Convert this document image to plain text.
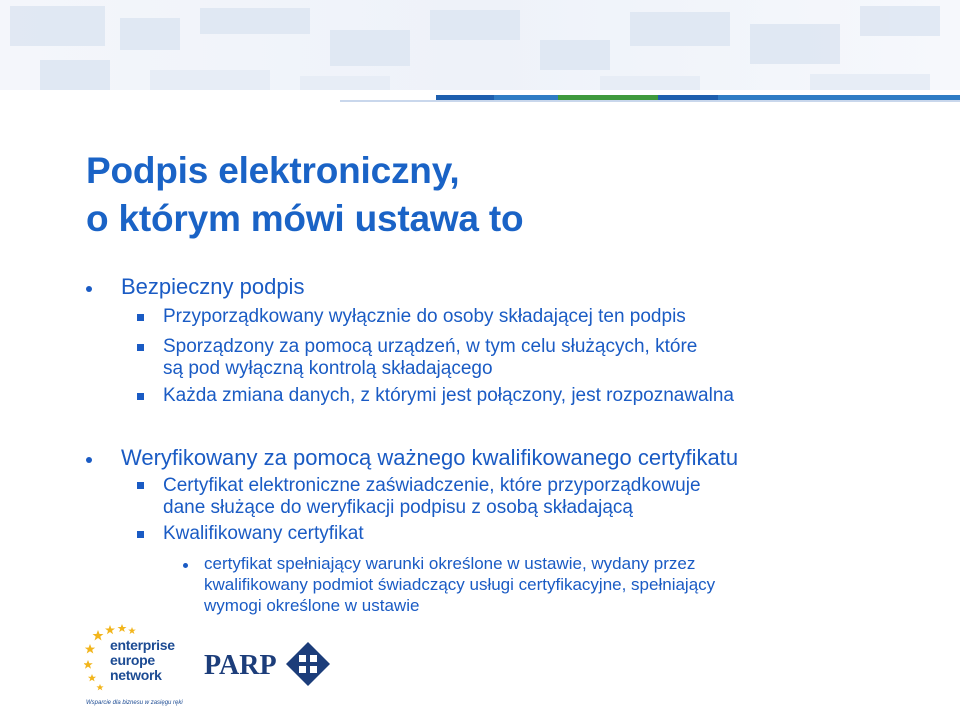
Podpis elektroniczny,
o którym mówi ustawa to
Bezpieczny podpis
Przyporządkowany wyłącznie do osoby składającej ten podpis
Sporządzony za pomocą urządzeń, w tym celu służących, które
są pod wyłączną kontrolą składającego
Każda zmiana danych, z którymi jest połączony, jest rozpoznawalna
Weryfikowany za pomocą ważnego kwalifikowanego certyfikatu
Certyfikat elektroniczne zaświadczenie, które przyporządkowuje
dane służące do weryfikacji podpisu z osobą składającą
Kwalifikowany certyfikat
certyfikat spełniający warunki określone w ustawie, wydany przez
kwalifikowany podmiot świadczący usługi certyfikacyjne, spełniający
wymogi określone w ustawie
enterprise
europe
network
Wsparcie dla biznesu w zasięgu ręki
PARP
